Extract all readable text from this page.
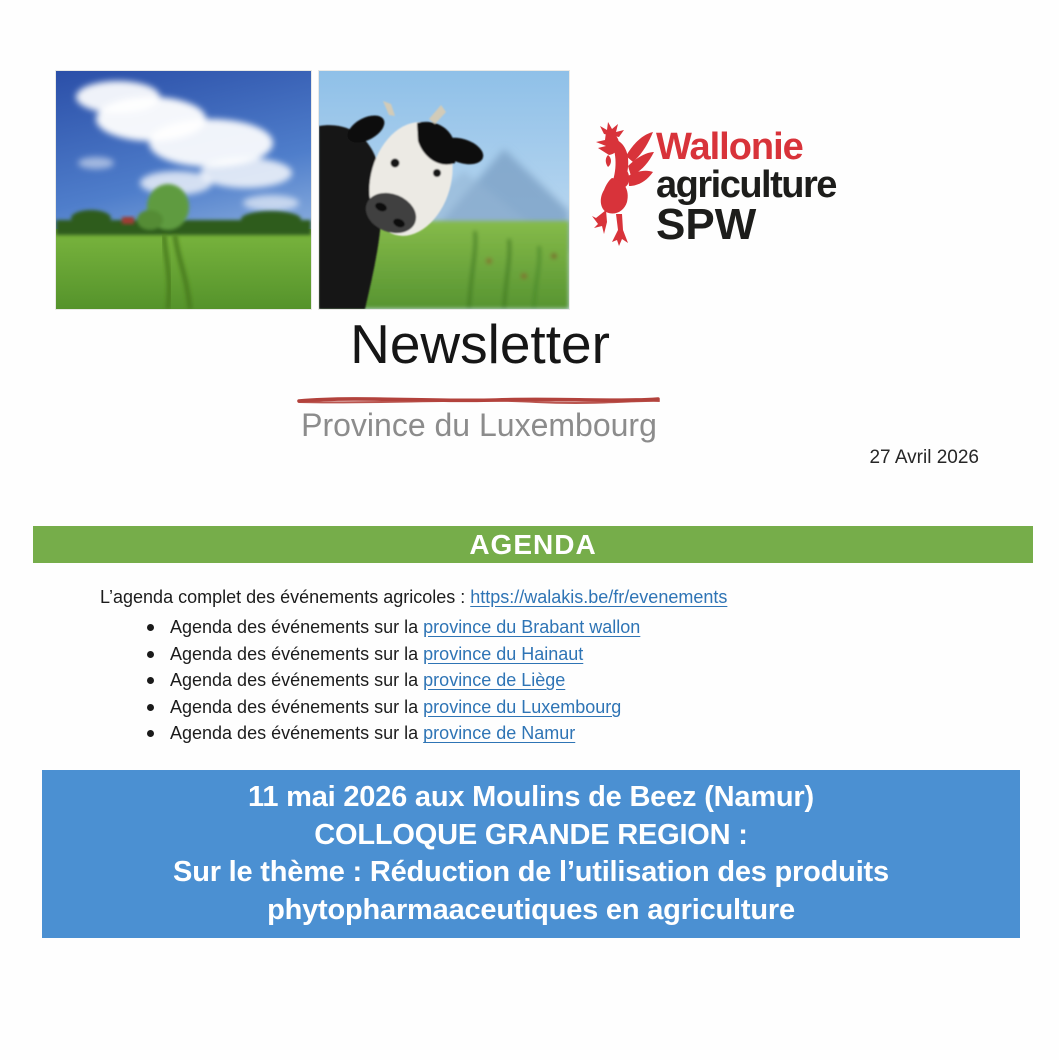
Wallonie
agriculture
SPW
Newsletter
Province du Luxembourg
27 Avril 2026
AGENDA
L’agenda complet des événements agricoles : https://walakis.be/fr/evenements
Agenda des événements sur la province du Brabant wallon
Agenda des événements sur la province du Hainaut
Agenda des événements sur la province de Liège
Agenda des événements sur la province du Luxembourg
Agenda des événements sur la province de Namur
11 mai 2026 aux Moulins de Beez (Namur)
COLLOQUE GRANDE REGION :
Sur le thème : Réduction de l’utilisation des produits
phytopharmaaceutiques en agriculture
